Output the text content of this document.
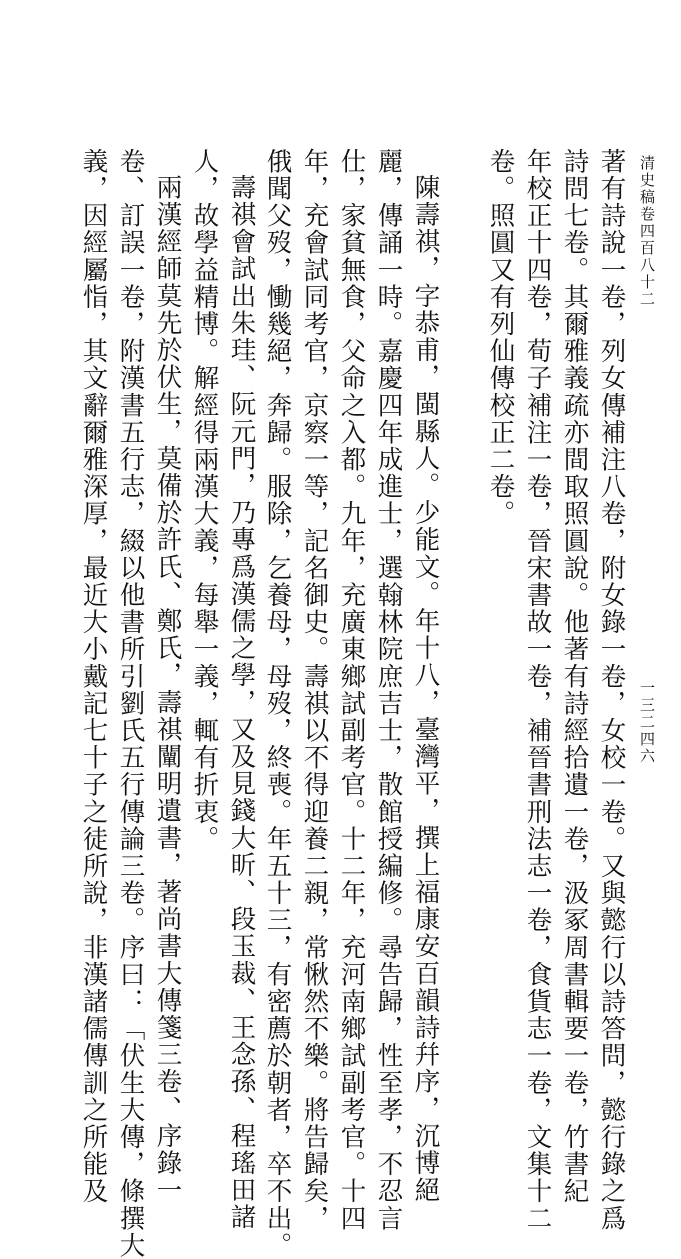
清史稿卷四百八十二
一三二四六
著有詩說一卷，列女傳補注八卷，附女錄一卷，女校一卷。又與懿行以詩答問，懿行錄之爲
詩問七卷。其爾雅義疏亦間取照圓說。他著有詩經拾遺一卷，汲冢周書輯要一卷，竹書紀
年校正十四卷，荀子補注一卷，晉宋書故一卷，補晉書刑法志一卷，食貨志一卷，文集十二
卷。照圓又有列仙傳校正二卷。
陳壽祺，字恭甫，閩縣人。少能文。年十八，臺灣平，撰上福康安百韻詩幷序，沉博絕
麗，傳誦一時。嘉慶四年成進士，選翰林院庶吉士，散館授編修。尋告歸，性至孝，不忍言
仕，家貧無食，父命之入都。九年，充廣東鄉試副考官。十二年，充河南鄉試副考官。十四
年，充會試同考官，京察一等，記名御史。壽祺以不得迎養二親，常愀然不樂。將告歸矣，
俄聞父歿，慟幾絕，奔歸。服除，乞養母，母歿，終喪。年五十三，有密薦於朝者，卒不出。
壽祺會試出朱珪、阮元門，乃專爲漢儒之學，又及見錢大昕、段玉裁、王念孫、程瑤田諸
人，故學益精博。解經得兩漢大義，每舉一義，輒有折衷。
兩漢經師莫先於伏生，莫備於許氏、鄭氏，壽祺闡明遺書，著尚書大傳箋三卷、序錄一
卷、訂誤一卷，附漢書五行志，綴以他書所引劉氏五行傳論三卷。序曰：「伏生大傳，條撰大
義，因經屬恉，其文辭爾雅深厚，最近大小戴記七十子之徒所說，非漢諸儒傳訓之所能及
